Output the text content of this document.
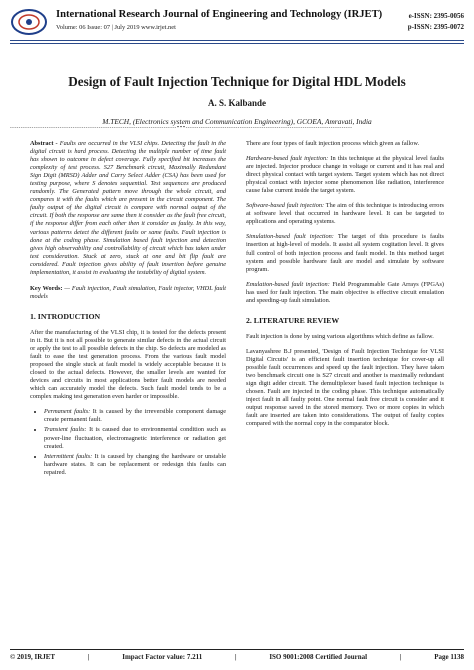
International Research Journal of Engineering and Technology (IRJET)
Volume: 06 Issue: 07 | July 2019 www.irjet.net
e-ISSN: 2395-0056
p-ISSN: 2395-0072
Design of Fault Injection Technique for Digital HDL Models
A. S. Kalbande
M.TECH, (Electronics system and Communication Engineering), GCOEA, Amravati, India
-----------------------------------------------------------------------------***-----------------------------------------------------------------------------

Abstract - Faults are occurred in the VLSI chips. Detecting the fault in the digital circuit is hard process. Detecting the multiple number of time fault has shown to outcome in defect coverage. Fully specified bit increases the complexity of test process. S27 Benchmark circuit, Maximally Redundant Sign Digit (MRSD) Adder and Carry Select Adder (CSA) has been used for testing purpose, where S denotes sequential. Test sequences are produced randomly. The Generated pattern move through the whole circuit, and compares it with the faults which are present in the circuit component. The faulty output of the digital circuit is compare with normal output of the circuit. If both the response are same then it consider as the fault free circuit, if the response differ from each other then it consider as faulty. In this way, various patterns detect the different faults or same faults. Fault injection is done at the coding phase. Simulation based fault injection and detection gives high observability and controllability of circuit which has taken under test consideration. Stuck at zero, stuck at one and bit flip fault are considered. Fault injection gives ability of fault insertion before genuine implementation, it assist in evaluating the testability of digital system.

Key Words: — Fault injection, Fault simulation, Fault injector, VHDL fault models

1. INTRODUCTION

After the manufacturing of the VLSI chip, it is tested for the defects present in it. But it is not all possible to generate similar defects in the actual circuit or apply the test to all possible defects in the chip. So defects are modeled as fault to ease the test generation process. From the various fault model proposed the single stuck at fault model is widely acceptable because it is closed to the actual defects. However, the smaller levels are wanted for devices and circuits in most applications better fault models are needed which can accurately model the defects. Such fault model tends to be a complex making test generation even harder or impossible.

• Permanent faults: It is caused by the irreversible component damage create permanent fault.
• Transient faults: It is caused due to environmental condition such as power-line fluctuation, electromagnetic interference or radiation get created.
• Intermittent faults: It is caused by changing the hardware or unstable hardware states. It can be replacement or redesign this faults can repaired.

There are four types of fault injection process which given as fallow.

Hardware-based fault injection: In this technique at the physical level faults are injected. Injector produce change in voltage or current and it has real and direct physical contact with target system. Target system which has not direct physical contact with injector some phenomenon like radiation, interference cause false current inside the target system.

Software-based fault injection: The aim of this technique is introducing errors at software level that occurred in hardware level. It can be targeted to applications and operating systems.

Simulation-based fault injection: The target of this procedure is faults insertion at high-level of models. It assist all system cogitation level. It gives full control of both injection process and fault model. In this method target system and possible hardware fault are model and simulate by software program.

Emulation-based fault injection: Field Programmable Gate Arrays (FPGAs) has used for fault injection. The main objective is effective circuit emulation and speeding-up fault simulation.

2. LITERATURE REVIEW

Fault injection is done by using various algorithms which define as fallow.

Lavanyashree B.J presented, 'Design of Fault Injection Technique for VLSI Digital Circuits' is an efficient fault insertion technique for cover-up all possible fault occurrences and speed up the fault injection. They have taken two benchmark circuit one is S27 circuit and another is maximally redundant sign digit adder circuit. The demultiplexer based fault injection technique is chosen. Fault are injected in the coding phase. This technique automatically inject fault in all faulty point. One normal fault free circuit is consider and it output response saved in the stored memory. Two or more copies in which fault are inserted are taken into considerations. The output of faulty copies compared with the normal copy in the comparator block.

© 2019, IRJET	|	Impact Factor value: 7.211	|	ISO 9001:2008 Certified Journal	|	Page 1138
